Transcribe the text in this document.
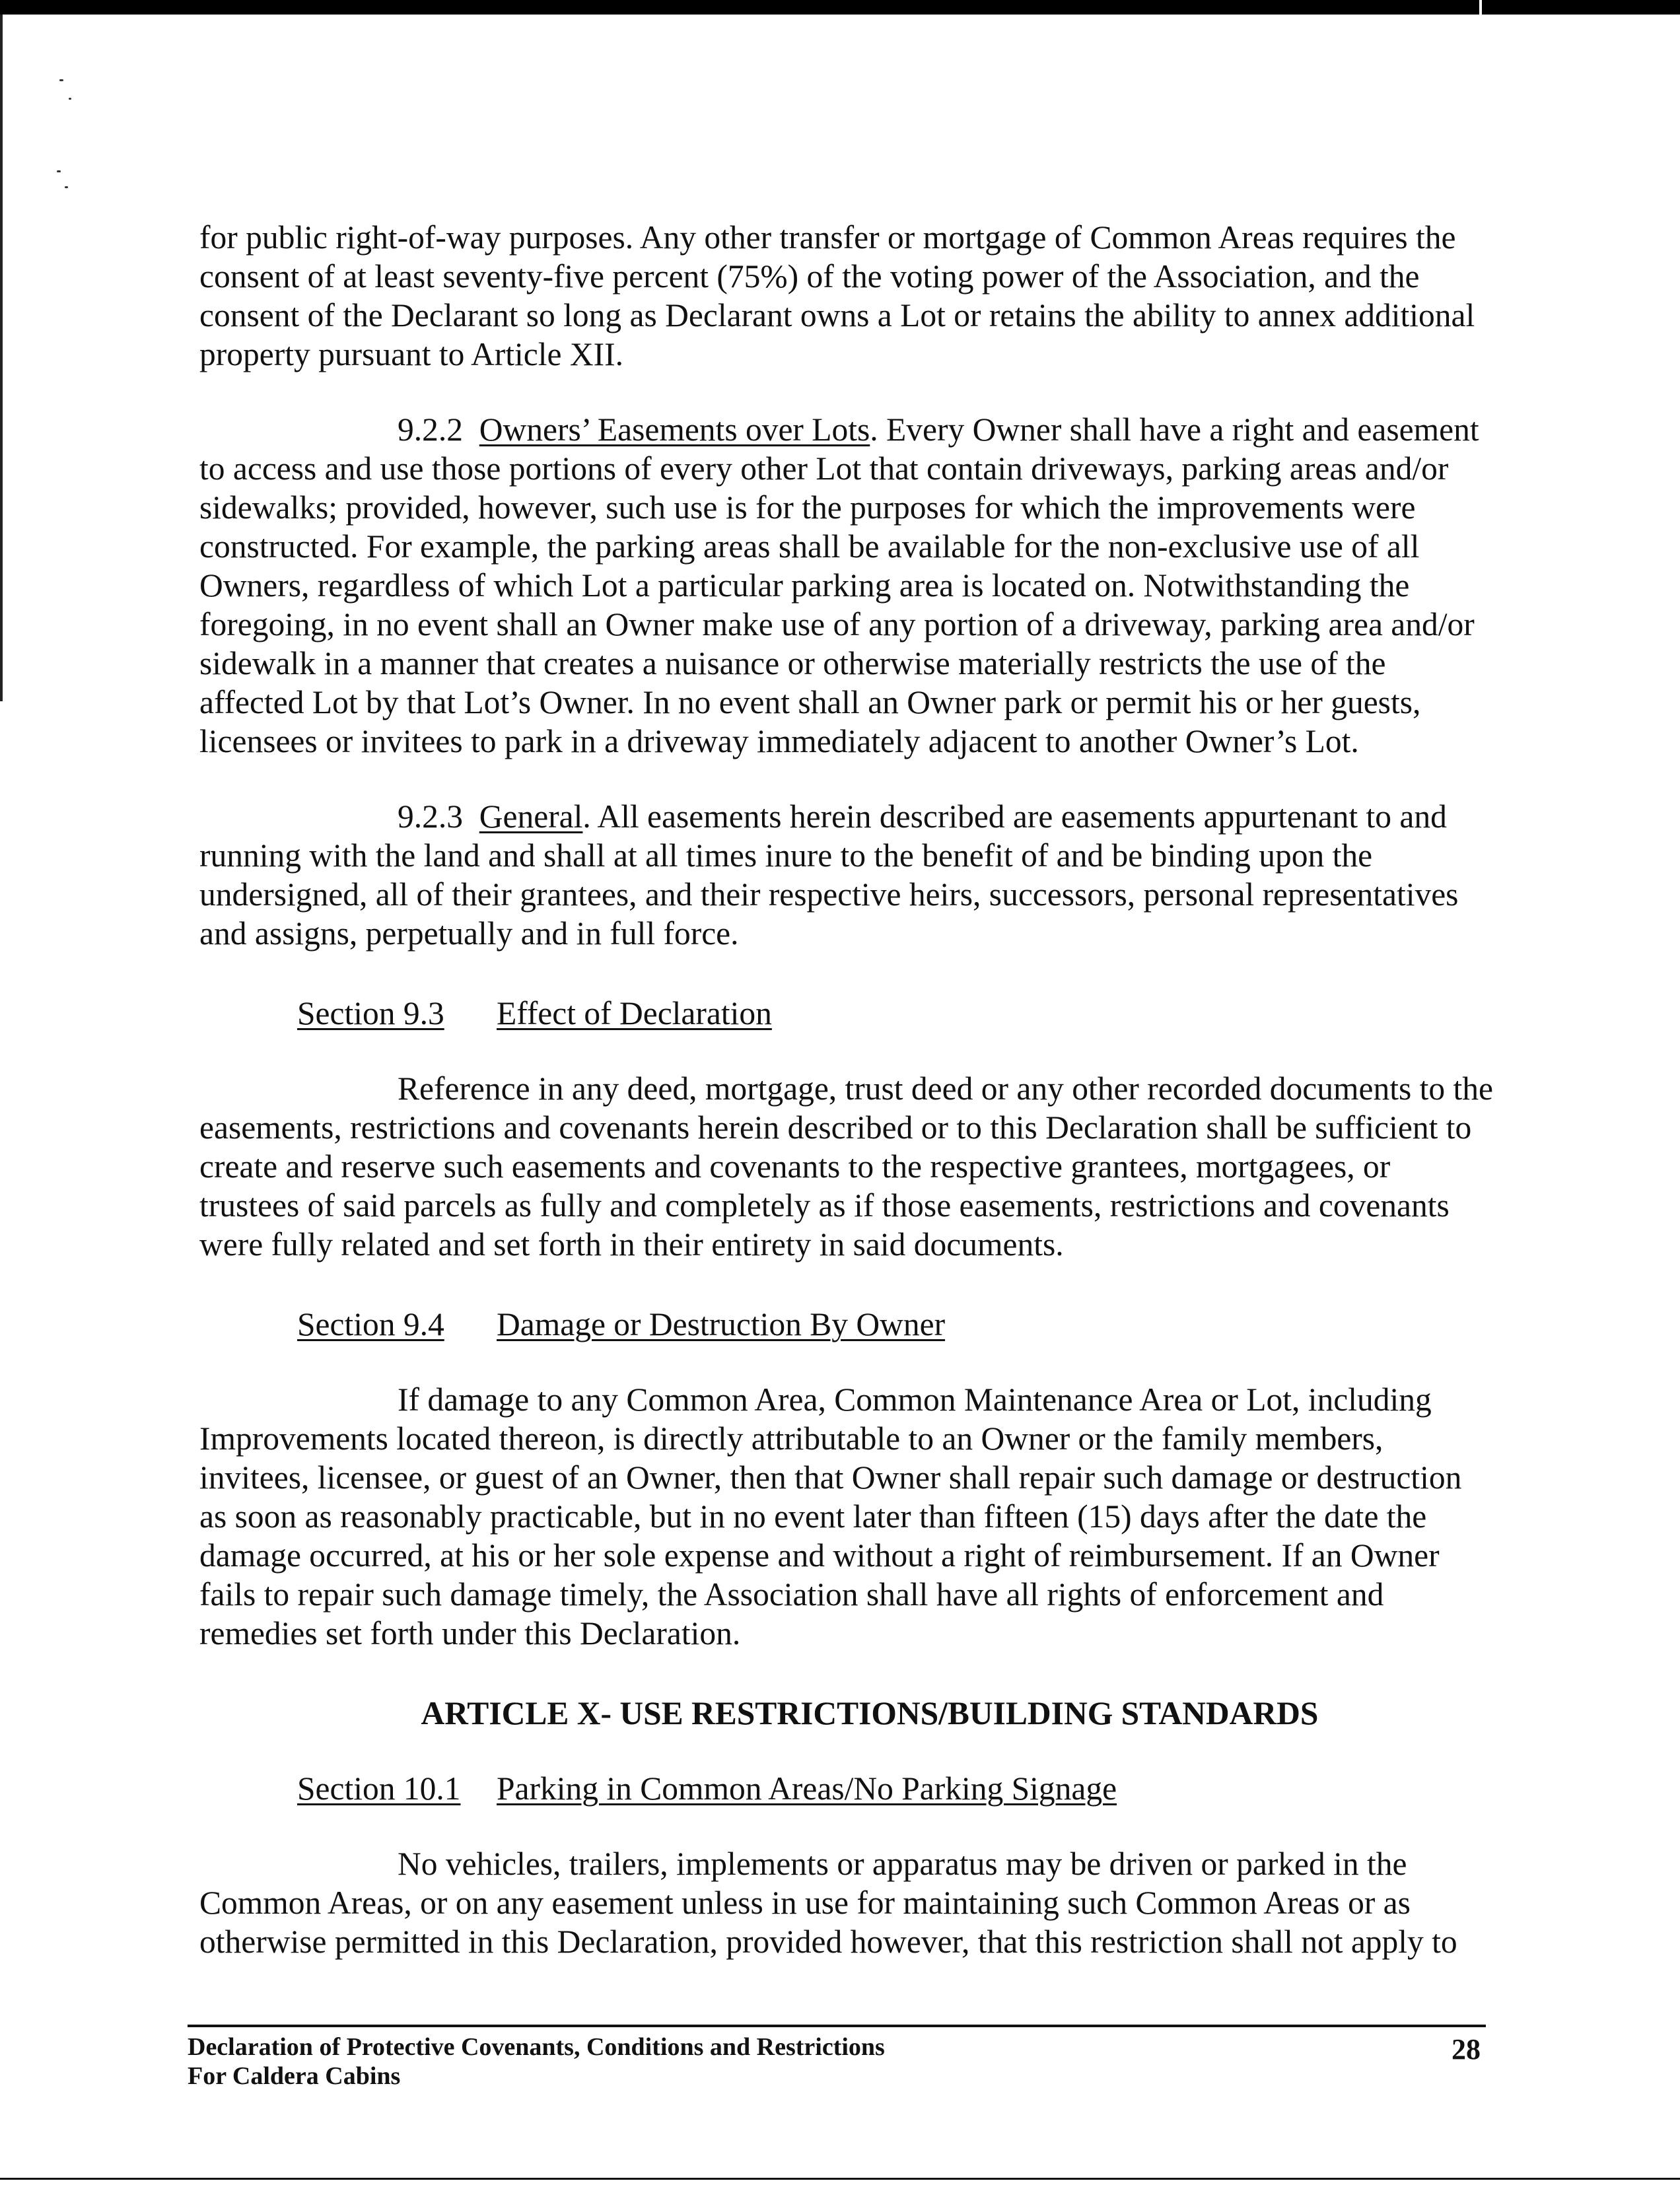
for public right-of-way purposes. Any other transfer or mortgage of Common Areas requires the consent of at least seventy-five percent (75%) of the voting power of the Association, and the consent of the Declarant so long as Declarant owns a Lot or retains the ability to annex additional property pursuant to Article XII.

9.2.2 Owners’ Easements over Lots. Every Owner shall have a right and easement to access and use those portions of every other Lot that contain driveways, parking areas and/or sidewalks; provided, however, such use is for the purposes for which the improvements were constructed. For example, the parking areas shall be available for the non-exclusive use of all Owners, regardless of which Lot a particular parking area is located on. Notwithstanding the foregoing, in no event shall an Owner make use of any portion of a driveway, parking area and/or sidewalk in a manner that creates a nuisance or otherwise materially restricts the use of the affected Lot by that Lot’s Owner. In no event shall an Owner park or permit his or her guests, licensees or invitees to park in a driveway immediately adjacent to another Owner’s Lot.

9.2.3 General. All easements herein described are easements appurtenant to and running with the land and shall at all times inure to the benefit of and be binding upon the undersigned, all of their grantees, and their respective heirs, successors, personal representatives and assigns, perpetually and in full force.

Section 9.3 Effect of Declaration

Reference in any deed, mortgage, trust deed or any other recorded documents to the easements, restrictions and covenants herein described or to this Declaration shall be sufficient to create and reserve such easements and covenants to the respective grantees, mortgagees, or trustees of said parcels as fully and completely as if those easements, restrictions and covenants were fully related and set forth in their entirety in said documents.

Section 9.4 Damage or Destruction By Owner

If damage to any Common Area, Common Maintenance Area or Lot, including Improvements located thereon, is directly attributable to an Owner or the family members, invitees, licensee, or guest of an Owner, then that Owner shall repair such damage or destruction as soon as reasonably practicable, but in no event later than fifteen (15) days after the date the damage occurred, at his or her sole expense and without a right of reimbursement. If an Owner fails to repair such damage timely, the Association shall have all rights of enforcement and remedies set forth under this Declaration.

ARTICLE X- USE RESTRICTIONS/BUILDING STANDARDS
Section 10.1 Parking in Common Areas/No Parking Signage

No vehicles, trailers, implements or apparatus may be driven or parked in the Common Areas, or on any easement unless in use for maintaining such Common Areas or as otherwise permitted in this Declaration, provided however, that this restriction shall not apply to

Declaration of Protective Covenants, Conditions and Restrictions
For Caldera Cabins
28
